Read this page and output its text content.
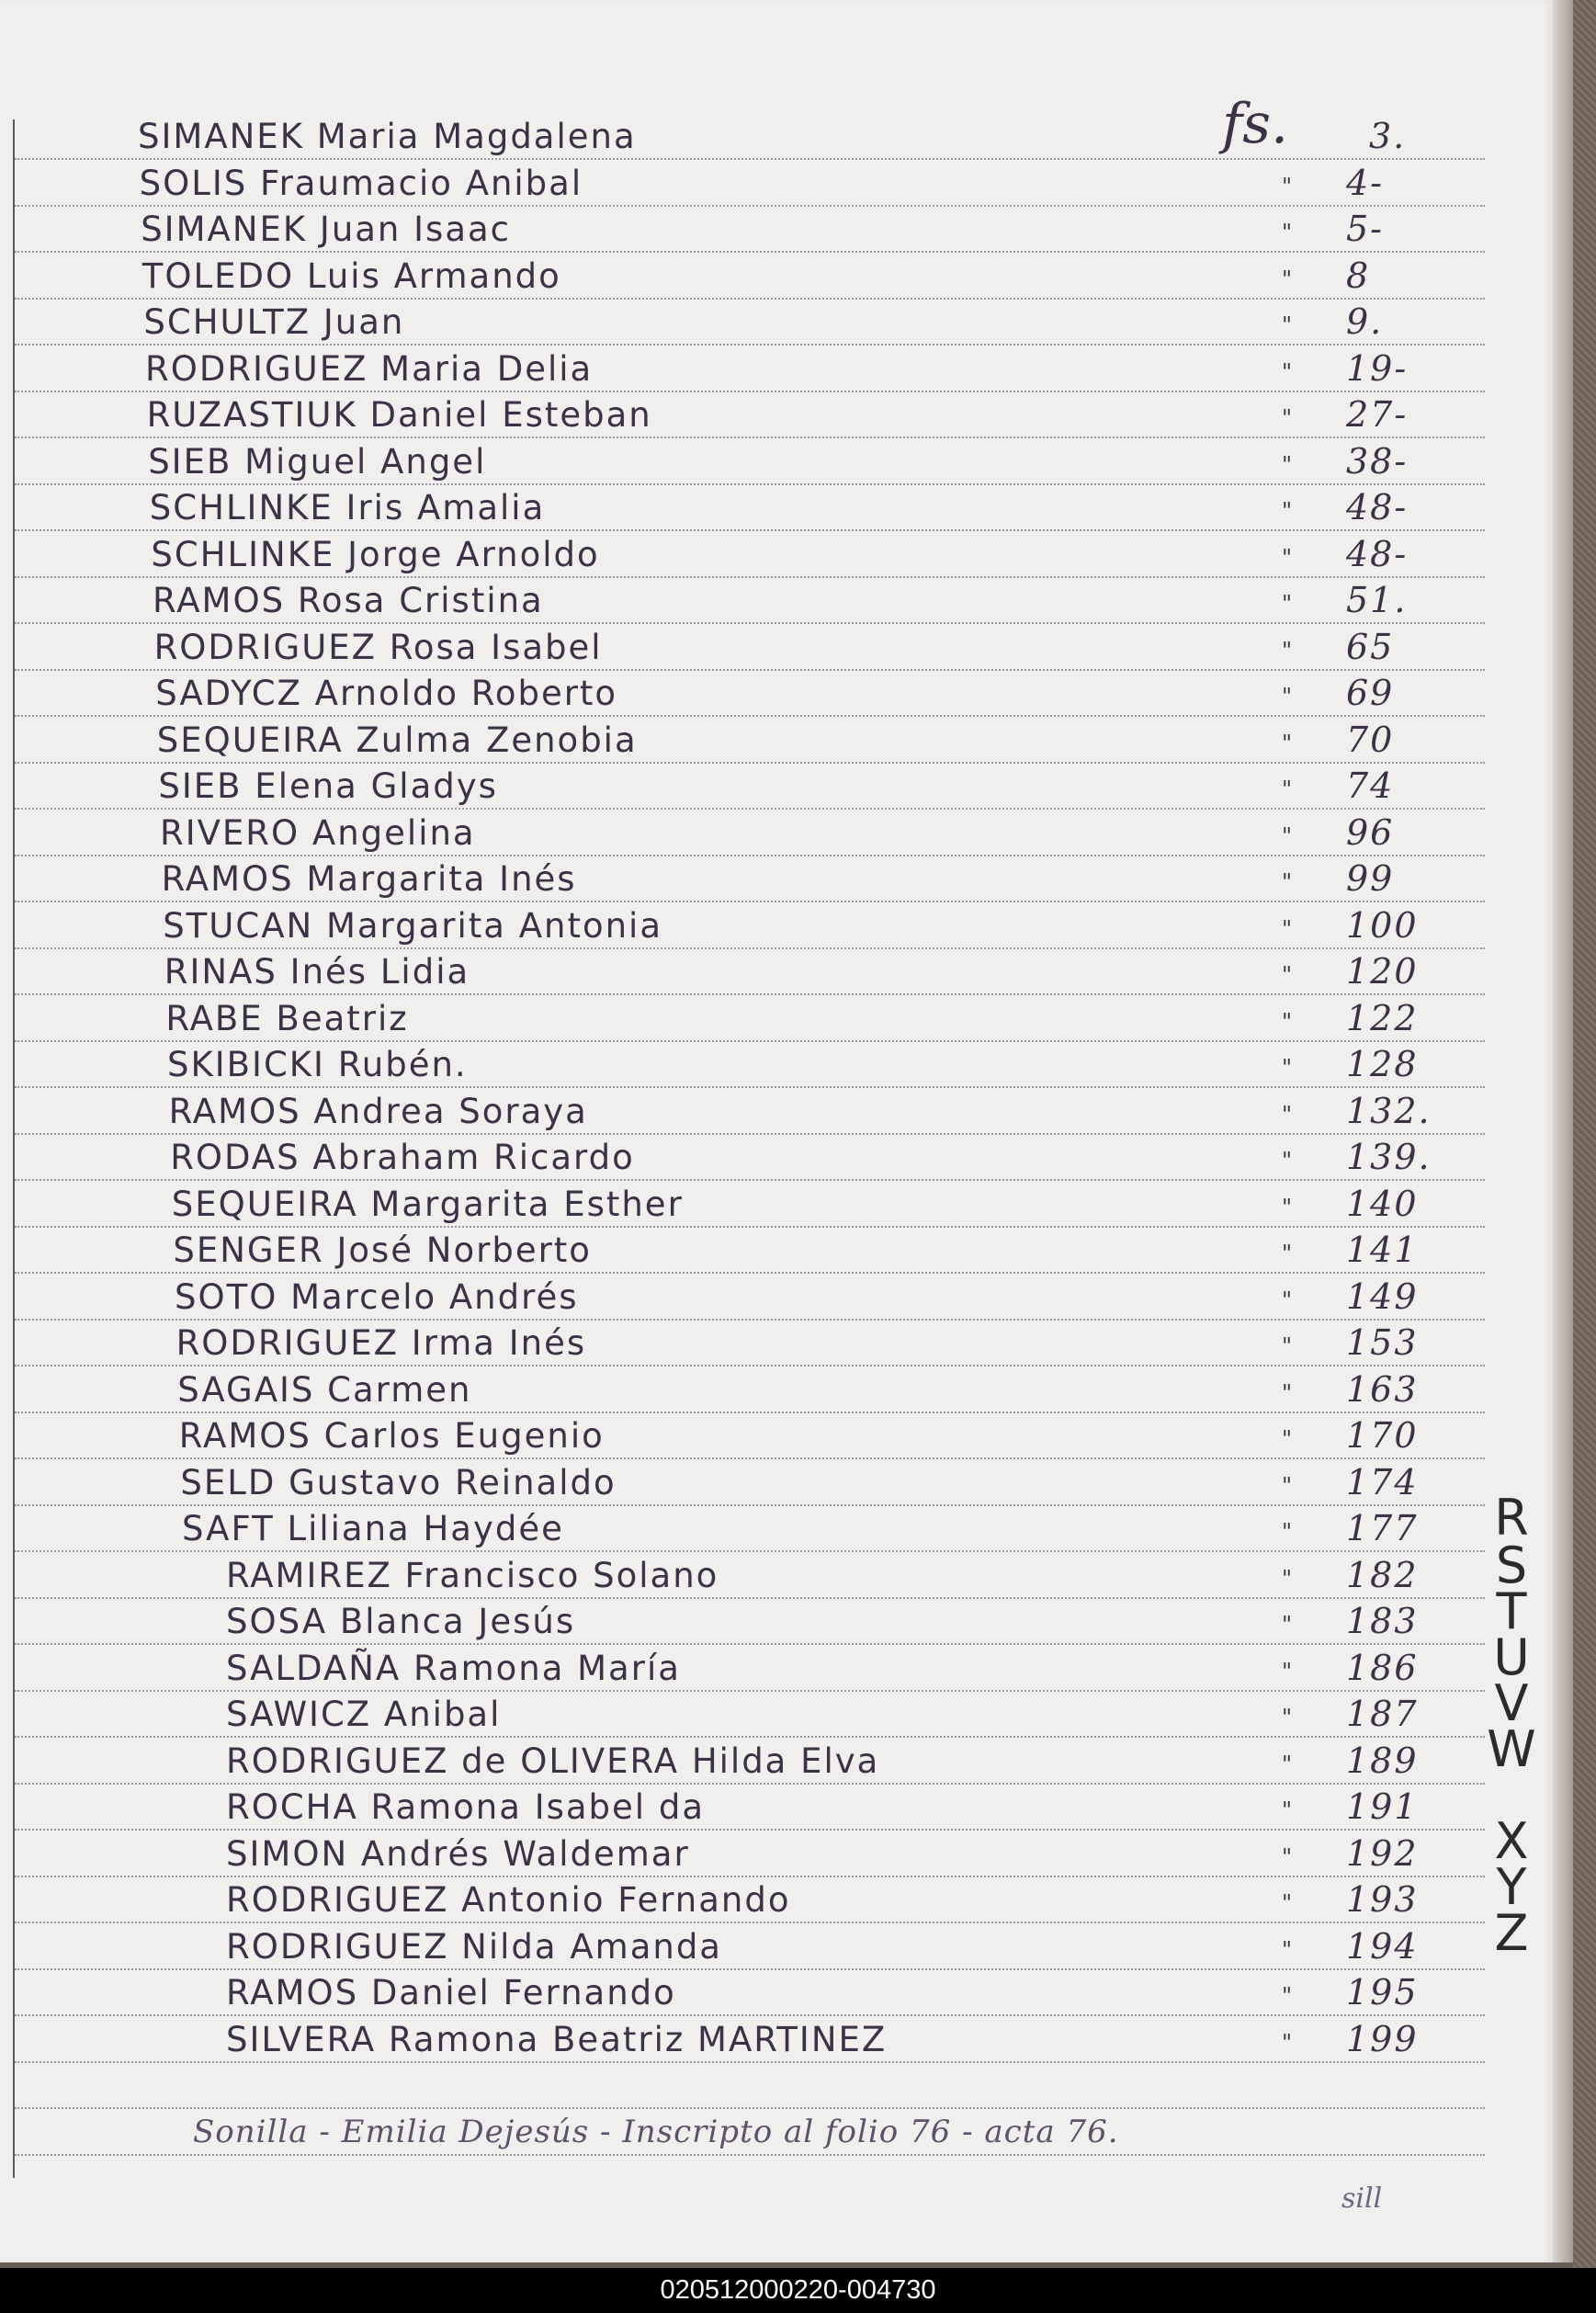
fs.
SIMANEK Maria Magdalena	3.
SOLIS Fraumacio Anibal	" 4-
SIMANEK Juan Isaac	" 5-
TOLEDO Luis Armando	" 8
SCHULTZ Juan	" 9.
RODRIGUEZ Maria Delia	" 19-
RUZASTIUK Daniel Esteban	" 27-
SIEB Miguel Angel	" 38-
SCHLINKE Iris Amalia	" 48-
SCHLINKE Jorge Arnoldo	" 48-
RAMOS Rosa Cristina	" 51.
RODRIGUEZ Rosa Isabel	" 65
SADYCZ Arnoldo Roberto	" 69
SEQUEIRA Zulma Zenobia	" 70
SIEB Elena Gladys	" 74
RIVERO Angelina	" 96
RAMOS Margarita Inés	" 99
STUCAN Margarita Antonia	" 100
RINAS Inés Lidia	" 120
RABE Beatriz	" 122
SKIBICKI Rubén.	" 128
RAMOS Andrea Soraya	" 132.
RODAS Abraham Ricardo	" 139.
SEQUEIRA Margarita Esther	" 140
SENGER José Norberto	" 141
SOTO Marcelo Andrés	" 149
RODRIGUEZ Irma Inés	" 153
SAGAIS Carmen	" 163
RAMOS Carlos Eugenio	" 170
SELD Gustavo Reinaldo	" 174
SAFT Liliana Haydée	" 177
RAMIREZ Francisco Solano	" 182
SOSA Blanca Jesús	" 183
SALDAÑA Ramona María	" 186
SAWICZ Anibal	" 187
RODRIGUEZ de OLIVERA Hilda Elva	" 189
ROCHA Ramona Isabel da	" 191
SIMON Andrés Waldemar	" 192
RODRIGUEZ Antonio Fernando	" 193
RODRIGUEZ Nilda Amanda	" 194
RAMOS Daniel Fernando	" 195
SILVERA Ramona Beatriz MARTINEZ	" 199
Sonilla - Emilia Dejesús - Inscripto al folio 76 - acta 76.
sill
R
S
T
U
V
W
X
Y
Z
020512000220-004730
